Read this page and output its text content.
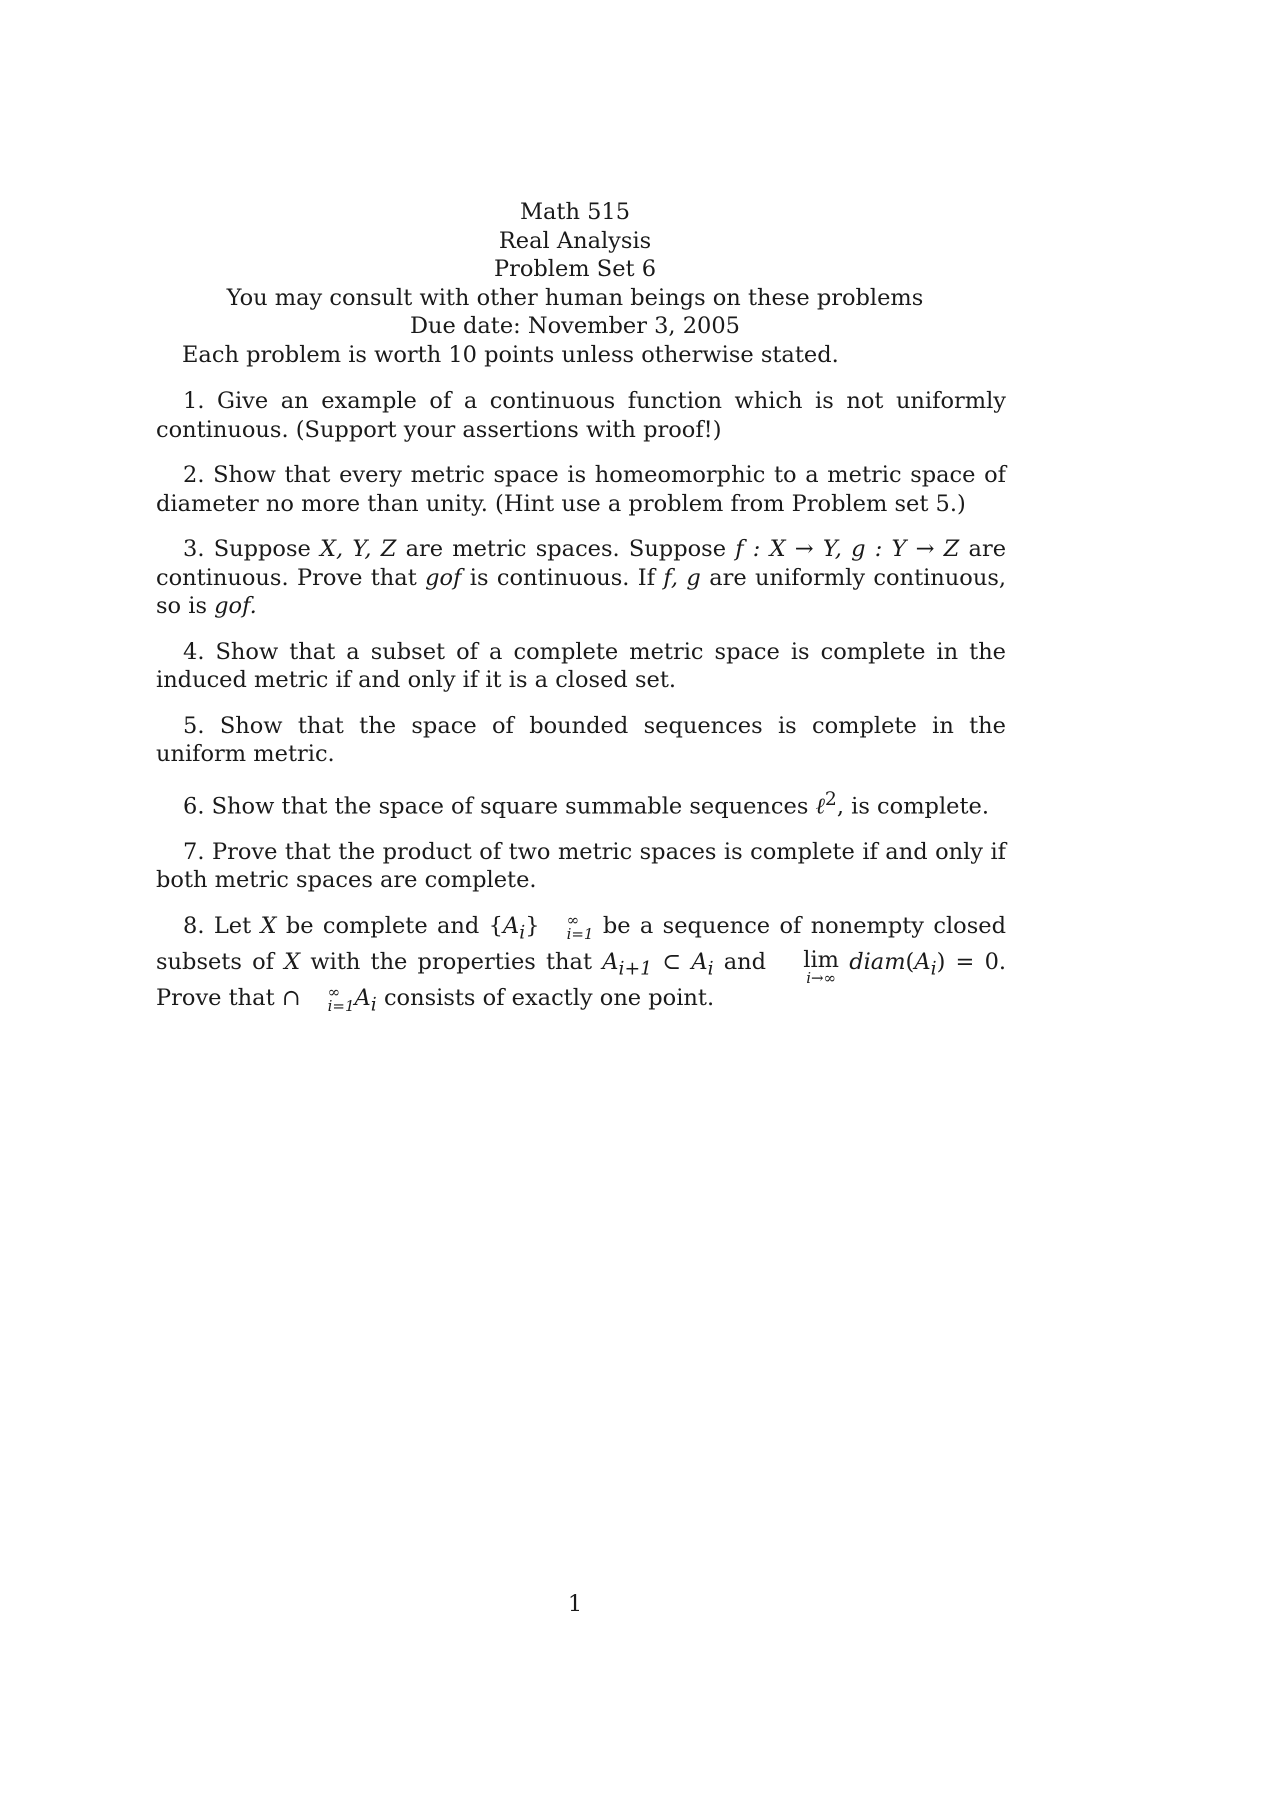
Math 515
Real Analysis
Problem Set 6
You may consult with other human beings on these problems
Due date: November 3, 2005
Each problem is worth 10 points unless otherwise stated.

1. Give an example of a continuous function which is not uniformly continuous. (Support your assertions with proof!)

2. Show that every metric space is homeomorphic to a metric space of diameter no more than unity. (Hint use a problem from Problem set 5.)

3. Suppose X, Y, Z are metric spaces. Suppose f : X → Y, g : Y → Z are continuous. Prove that gof is continuous. If f, g are uniformly continuous, so is gof.

4. Show that a subset of a complete metric space is complete in the induced metric if and only if it is a closed set.

5. Show that the space of bounded sequences is complete in the uniform metric.

6. Show that the space of square summable sequences ℓ$^2$, is complete.

7. Prove that the product of two metric spaces is complete if and only if both metric spaces are complete.

8. Let X be complete and $\{A_i\}$	∞
i=1 be a sequence of nonempty closed subsets of X with the properties that $A_{i+1}$ ⊂ $A_i$ and	lim
i→∞
$diam(A_i) = 0$. Prove that ∩	∞
i=1 $A_i$ consists of exactly one point.

1
